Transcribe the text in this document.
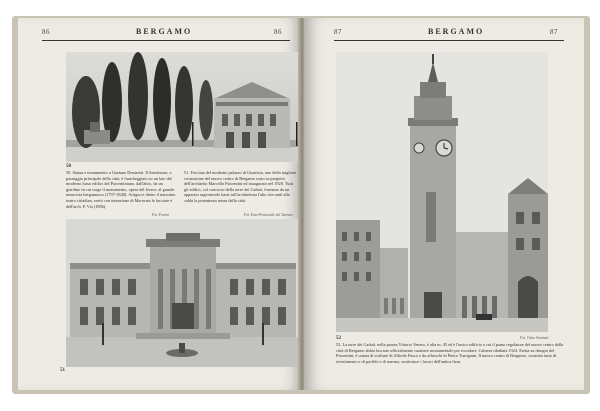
86	BERGAMO	86
50
50. Statua e monumento a Gaetano Donizetti. Il Sentierone, e passeggio principale della città, è fiancheggiato su un lato dal moderno lusso edifici del Piacentiniano, dall'altro, da un giardino in cui sorge il monumento, opera del Jerace, al grande musicista bergamasco (1797-1848). Artigocci dietro il massimo teatro cittadino, eretti con intenzione di Macerata le facciate è dell'arch. P. Via (1896).
51. Facciata del moderno palazzo di Giustizia, uno della migliore costruzione del nuovo centro di Bergamo sorto su progetto dell'architetto Marcello Piacentini ed inaugurato nel 1928. Tutti gli edifici, col concorso della torre dei Caduti, formano da un apparato ragionevole basti sull'architettura l'alto che uniti alla calda la potentezza senza della città.
Fot. Fiorini	Fot. Ente Provinciale del Turismo
51
87	BERGAMO	87
52	Fot. Vittor Seminati
52. La torre dei Caduti, nella piazza Vittorio Veneto, è alta m. 45 ed è l'unico edificio a cui il piano regolatore del nuovo centro della città di Bergamo abbia lasciato ufficialmente carattere monumentale per ricordare. Cabrera ribaltata 1924. Eretta su disegni del Piacentini, è ornata di sculture di Alfredo Fusco e da affreschi di Pietro Turrigiani. Il nuovo centro di Bergamo, costruito tutto di rivestimento e di porfido e di marmo, sostituisce i lavori dell'antica fiera.
